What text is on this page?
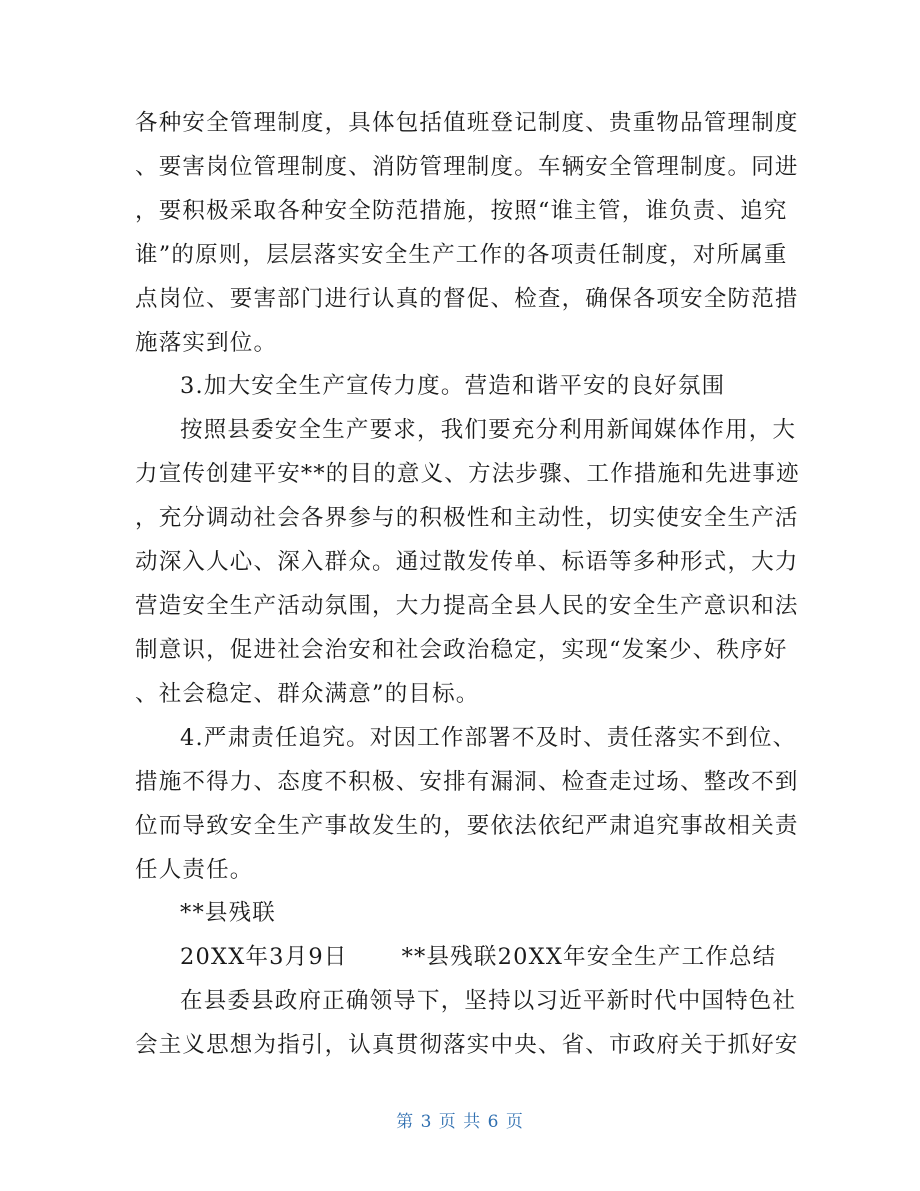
各种安全管理制度，具体包括值班登记制度、贵重物品管理制度
、要害岗位管理制度、消防管理制度。车辆安全管理制度。同进
，要积极采取各种安全防范措施，按照“谁主管，谁负责、追究
谁”的原则，层层落实安全生产工作的各项责任制度，对所属重
点岗位、要害部门进行认真的督促、检查，确保各项安全防范措
施落实到位。
3.加大安全生产宣传力度。营造和谐平安的良好氛围
按照县委安全生产要求，我们要充分利用新闻媒体作用，大
力宣传创建平安**的目的意义、方法步骤、工作措施和先进事迹
，充分调动社会各界参与的积极性和主动性，切实使安全生产活
动深入人心、深入群众。通过散发传单、标语等多种形式，大力
营造安全生产活动氛围，大力提高全县人民的安全生产意识和法
制意识，促进社会治安和社会政治稳定，实现“发案少、秩序好
、社会稳定、群众满意”的目标。
4.严肃责任追究。对因工作部署不及时、责任落实不到位、
措施不得力、态度不积极、安排有漏洞、检查走过场、整改不到
位而导致安全生产事故发生的，要依法依纪严肃追究事故相关责
任人责任。
**县残联
20XX年3月9日 **县残联20XX年安全生产工作总结
在县委县政府正确领导下，坚持以习近平新时代中国特色社
会主义思想为指引，认真贯彻落实中央、省、市政府关于抓好安
第 3 页 共 6 页
